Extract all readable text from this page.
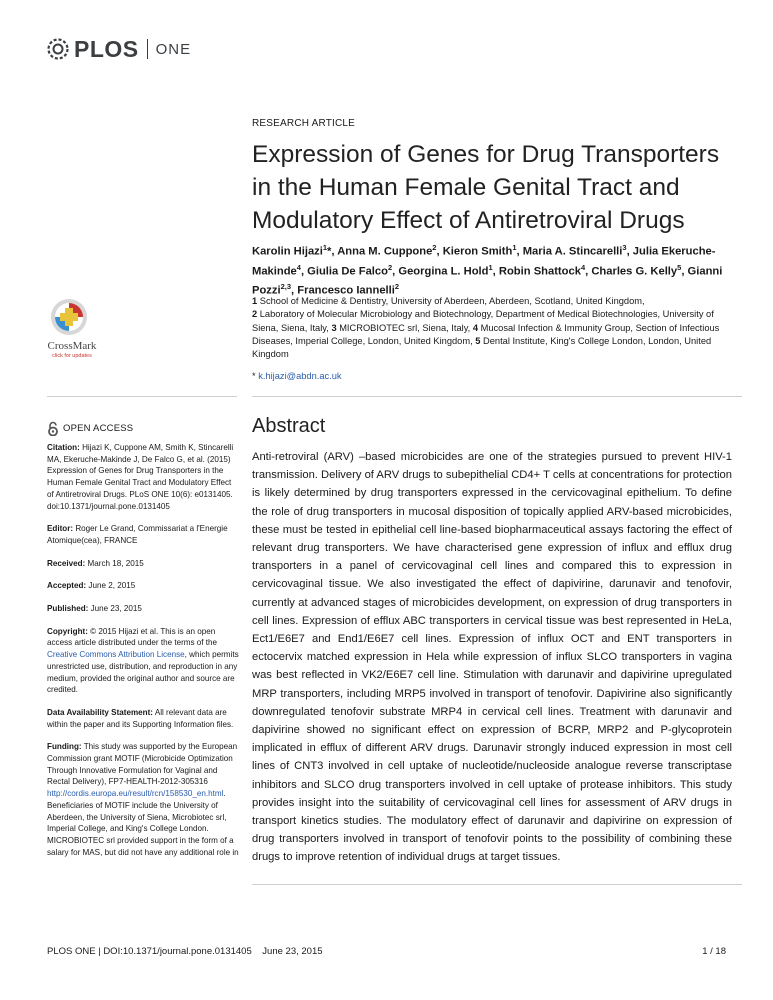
PLOS ONE
RESEARCH ARTICLE
Expression of Genes for Drug Transporters in the Human Female Genital Tract and Modulatory Effect of Antiretroviral Drugs
Karolin Hijazi$^1$*, Anna M. Cuppone$^2$, Kieron Smith$^1$, Maria A. Stincarelli$^3$, Julia Ekeruche-Makinde$^4$, Giulia De Falco$^2$, Georgina L. Hold$^1$, Robin Shattock$^4$, Charles G. Kelly$^5$, Gianni Pozzi$^{2,3}$, Francesco Iannelli$^2$
1 School of Medicine & Dentistry, University of Aberdeen, Aberdeen, Scotland, United Kingdom,
2 Laboratory of Molecular Microbiology and Biotechnology, Department of Medical Biotechnologies, University of Siena, Siena, Italy, 3 MICROBIOTEC srl, Siena, Italy, 4 Mucosal Infection & Immunity Group, Section of Infectious Diseases, Imperial College, London, United Kingdom, 5 Dental Institute, King's College London, London, United Kingdom
* k.hijazi@abdn.ac.uk
CrossMark
click for updates
OPEN ACCESS

Citation: Hijazi K, Cuppone AM, Smith K, Stincarelli MA, Ekeruche-Makinde J, De Falco G, et al. (2015) Expression of Genes for Drug Transporters in the Human Female Genital Tract and Modulatory Effect of Antiretroviral Drugs. PLoS ONE 10(6): e0131405. doi:10.1371/journal.pone.0131405

Editor: Roger Le Grand, Commissariat a l'Energie Atomique(cea), FRANCE

Received: March 18, 2015

Accepted: June 2, 2015

Published: June 23, 2015

Copyright: © 2015 Hijazi et al. This is an open access article distributed under the terms of the Creative Commons Attribution License, which permits unrestricted use, distribution, and reproduction in any medium, provided the original author and source are credited.

Data Availability Statement: All relevant data are within the paper and its Supporting Information files.

Funding: This study was supported by the European Commission grant MOTIF (Microbicide Optimization Through Innovative Formulation for Vaginal and Rectal Delivery), FP7-HEALTH-2012-305316 http://cordis.europa.eu/result/rcn/158530_en.html. Beneficiaries of MOTIF include the University of Aberdeen, the University of Siena, Microbiotec srl, Imperial College, and King's College London. MICROBIOTEC srl provided support in the form of a salary for MAS, but did not have any additional role in

Abstract
Anti-retroviral (ARV) –based microbicides are one of the strategies pursued to prevent HIV-1 transmission. Delivery of ARV drugs to subepithelial CD4+ T cells at concentrations for protection is likely determined by drug transporters expressed in the cervicovaginal epithelium. To define the role of drug transporters in mucosal disposition of topically applied ARV-based microbicides, these must be tested in epithelial cell line-based biopharmaceutical assays factoring the effect of relevant drug transporters. We have characterised gene expression of influx and efflux drug transporters in a panel of cervicovaginal cell lines and compared this to expression in cervicovaginal tissue. We also investigated the effect of dapivirine, darunavir and tenofovir, currently at advanced stages of microbicides development, on expression of drug transporters in cell lines. Expression of efflux ABC transporters in cervical tissue was best represented in HeLa, Ect1/E6E7 and End1/E6E7 cell lines. Expression of influx OCT and ENT transporters in ectocervix matched expression in Hela while expression of influx SLCO transporters in vagina was best reflected in VK2/E6E7 cell line. Stimulation with darunavir and dapivirine upregulated MRP transporters, including MRP5 involved in transport of tenofovir. Dapivirine also significantly downregulated tenofovir substrate MRP4 in cervical cell lines. Treatment with darunavir and dapivirine showed no significant effect on expression of BCRP, MRP2 and P-glycoprotein implicated in efflux of different ARV drugs. Darunavir strongly induced expression in most cell lines of CNT3 involved in cell uptake of nucleotide/nucleoside analogue reverse transcriptase inhibitors and SLCO drug transporters involved in cell uptake of protease inhibitors. This study provides insight into the suitability of cervicovaginal cell lines for assessment of ARV drugs in transport kinetics studies. The modulatory effect of darunavir and dapivirine on expression of drug transporters involved in transport of tenofovir points to the possibility of combining these drugs to improve retention of individual drugs at target tissues.
PLOS ONE | DOI:10.1371/journal.pone.0131405    June 23, 2015	1 / 18
